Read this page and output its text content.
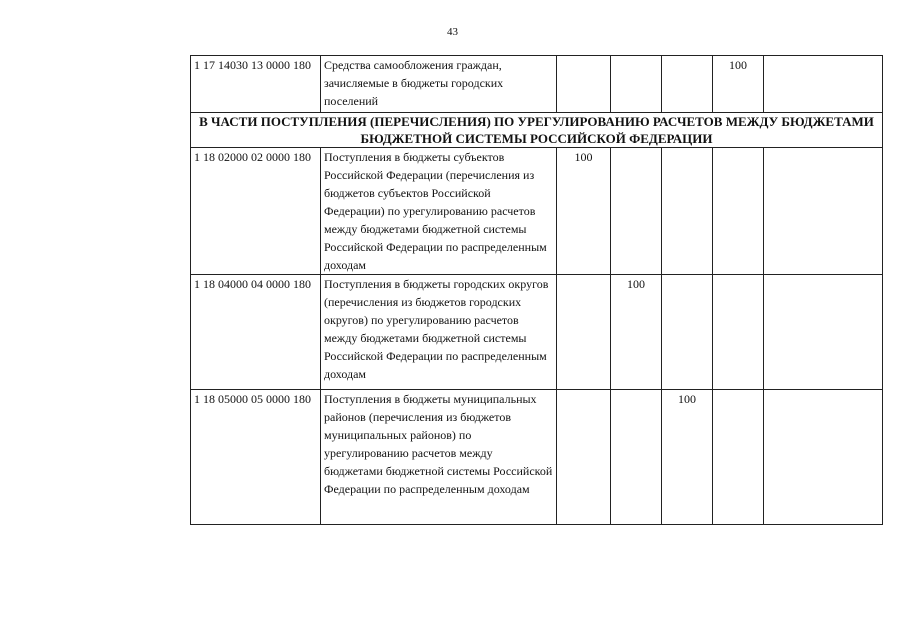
43
1 17 14030 13 0000 180	Средства самообложения граждан, зачисляемые в бюджеты городских поселений				100	
В ЧАСТИ ПОСТУПЛЕНИЯ (ПЕРЕЧИСЛЕНИЯ) ПО УРЕГУЛИРОВАНИЮ РАСЧЕТОВ МЕЖДУ БЮДЖЕТАМИ БЮДЖЕТНОЙ СИСТЕМЫ РОССИЙСКОЙ ФЕДЕРАЦИИ						
1 18 02000 02 0000 180	Поступления в бюджеты субъектов Российской Федерации (перечисления из бюджетов субъектов Российской Федерации) по урегулированию расчетов между бюджетами бюджетной системы Российской Федерации по распределенным доходам	100				
1 18 04000 04 0000 180	Поступления в бюджеты городских округов (перечисления из бюджетов городских округов) по урегулированию расчетов между бюджетами бюджетной системы Российской Федерации по распределенным доходам		100			
1 18 05000 05 0000 180	Поступления в бюджеты муниципальных районов (перечисления из бюджетов муниципальных районов) по урегулированию расчетов между бюджетами бюджетной системы Российской Федерации по распределенным доходам			100		
